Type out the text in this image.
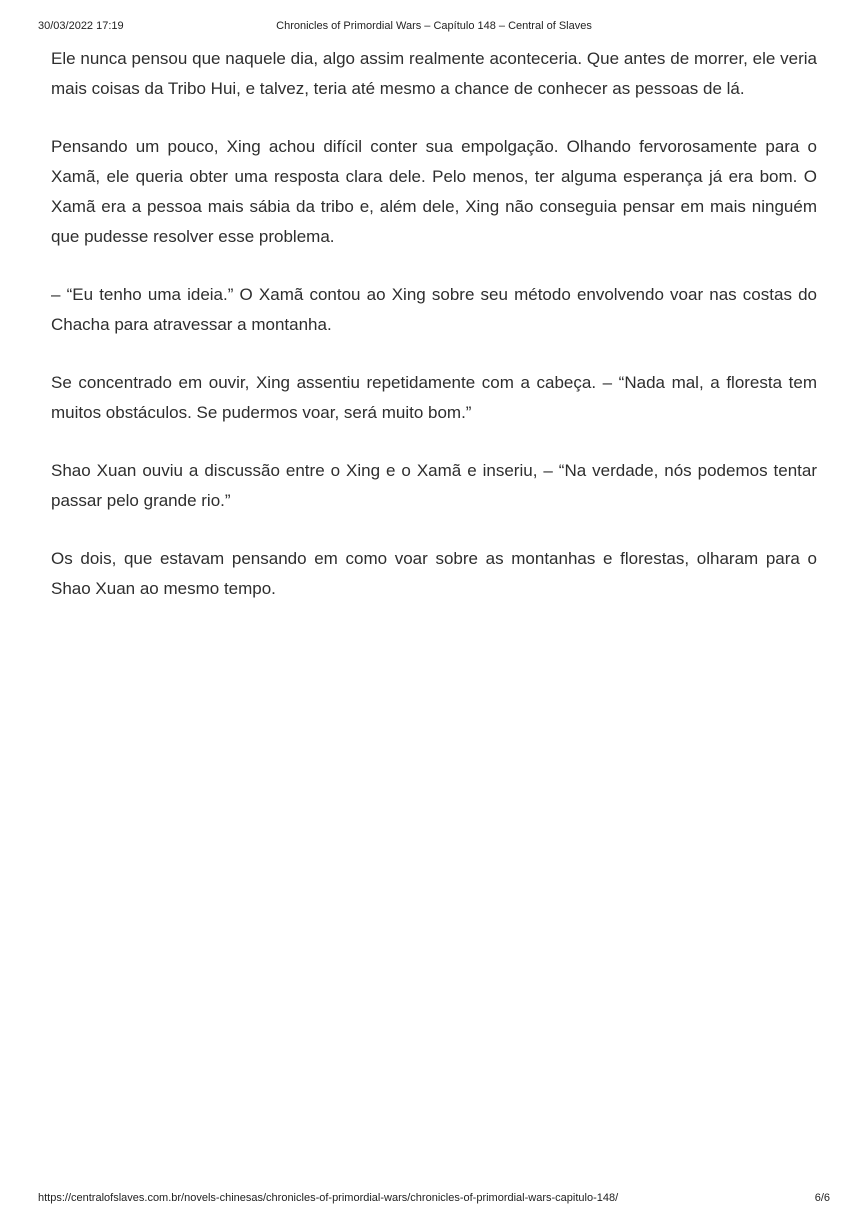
30/03/2022 17:19	Chronicles of Primordial Wars – Capítulo 148 – Central of Slaves

Ele nunca pensou que naquele dia, algo assim realmente aconteceria. Que antes de morrer, ele veria mais coisas da Tribo Hui, e talvez, teria até mesmo a chance de conhecer as pessoas de lá.

Pensando um pouco, Xing achou difícil conter sua empolgação. Olhando fervorosamente para o Xamã, ele queria obter uma resposta clara dele. Pelo menos, ter alguma esperança já era bom. O Xamã era a pessoa mais sábia da tribo e, além dele, Xing não conseguia pensar em mais ninguém que pudesse resolver esse problema.

– “Eu tenho uma ideia.” O Xamã contou ao Xing sobre seu método envolvendo voar nas costas do Chacha para atravessar a montanha.

Se concentrado em ouvir, Xing assentiu repetidamente com a cabeça. – “Nada mal, a floresta tem muitos obstáculos. Se pudermos voar, será muito bom.”

Shao Xuan ouviu a discussão entre o Xing e o Xamã e inseriu, – “Na verdade, nós podemos tentar passar pelo grande rio.”

Os dois, que estavam pensando em como voar sobre as montanhas e florestas, olharam para o Shao Xuan ao mesmo tempo.

https://centralofslaves.com.br/novels-chinesas/chronicles-of-primordial-wars/chronicles-of-primordial-wars-capitulo-148/	6/6
